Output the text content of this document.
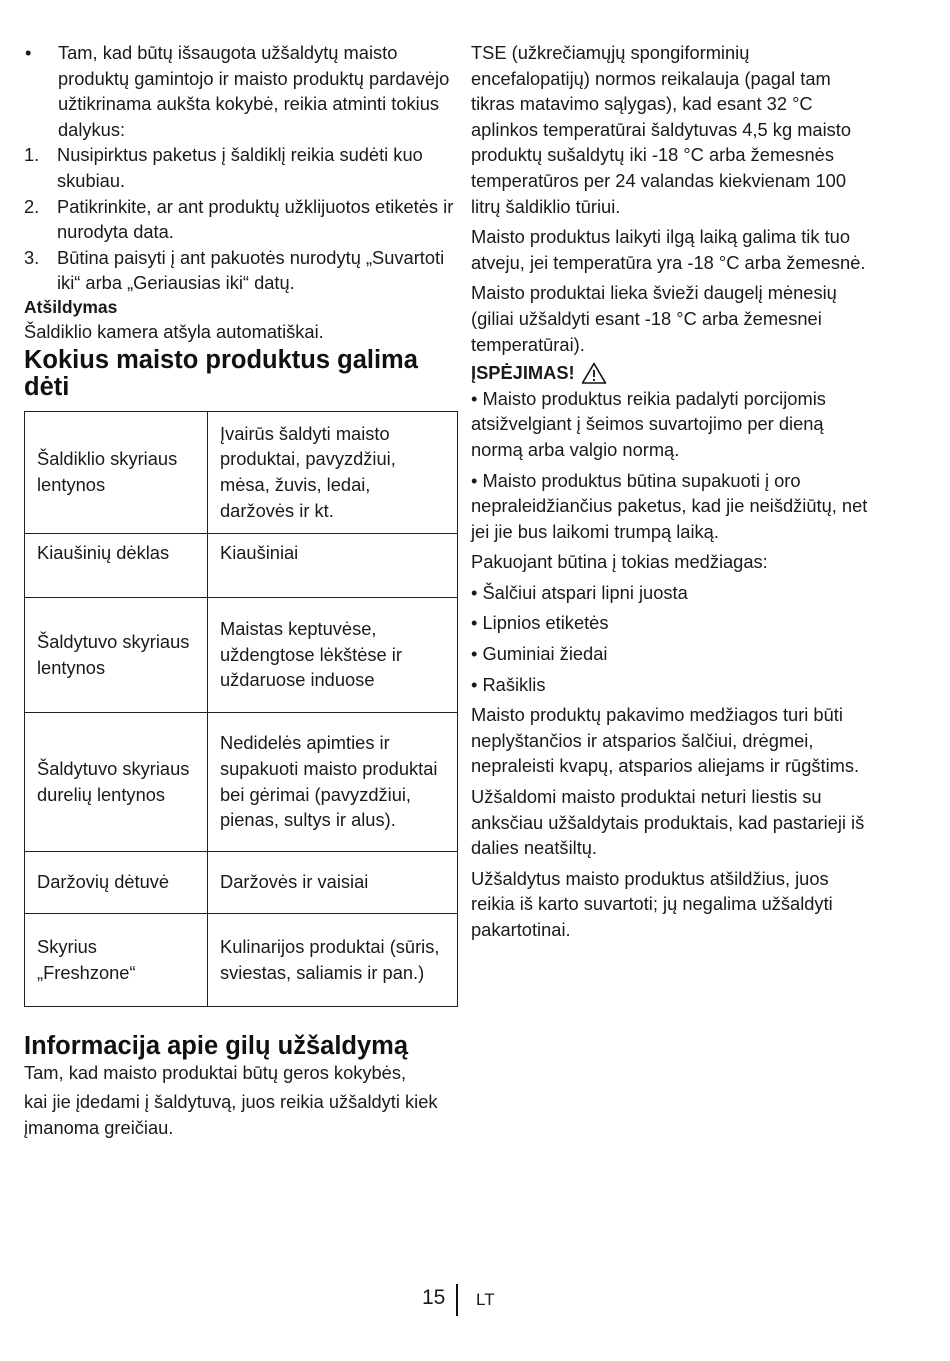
•	Tam, kad būtų išsaugota užšaldytų maisto produktų gamintojo ir maisto produktų pardavėjo užtikrinama aukšta kokybė, reikia atminti tokius dalykus:
1. Nusipirktus paketus į šaldiklį reikia sudėti kuo skubiau.
2. Patikrinkite, ar ant produktų užklijuotos etiketės ir nurodyta data.
3. Būtina paisyti į ant pakuotės nurodytų „Suvartoti iki“ arba „Geriausias iki“ datų.
Atšildymas

Šaldiklio kamera atšyla automatiškai.

Kokius maisto produktus galima dėti
Šaldiklio skyriaus lentynos	Įvairūs šaldyti maisto produktai, pavyzdžiui, mėsa, žuvis, ledai, daržovės ir kt.
Kiaušinių dėklas	Kiaušiniai
Šaldytuvo skyriaus lentynos	Maistas keptuvėse, uždengtose lėkštėse ir uždaruose induose
Šaldytuvo skyriaus durelių lentynos	Nedidelės apimties ir supakuoti maisto produktai bei gėrimai (pavyzdžiui, pienas, sultys ir alus).
Daržovių dėtuvė	Daržovės ir vaisiai
Skyrius „Freshzone“	Kulinarijos produktai (sūris, sviestas, saliamis ir pan.)
Informacija apie gilų užšaldymą

Tam, kad maisto produktai būtų geros kokybės,

kai jie įdedami į šaldytuvą, juos reikia užšaldyti kiek įmanoma greičiau.

TSE (užkrečiamųjų spongiforminių encefalopatijų) normos reikalauja (pagal tam tikras matavimo sąlygas), kad esant 32 °C aplinkos temperatūrai šaldytuvas 4,5 kg maisto produktų sušaldytų iki -18 °C arba žemesnės temperatūros per 24 valandas kiekvienam 100 litrų šaldiklio tūriui.

Maisto produktus laikyti ilgą laiką galima tik tuo atveju, jei temperatūra yra -18 °C arba žemesnė.

Maisto produktai lieka švieži daugelį mėnesių (giliai užšaldyti esant -18 °C arba žemesnei temperatūrai).

ĮSPĖJIMAS!

• Maisto produktus reikia padalyti porcijomis atsižvelgiant į šeimos suvartojimo per dieną normą arba valgio normą.

• Maisto produktus būtina supakuoti į oro nepraleidžiančius paketus, kad jie neišdžiūtų, net jei jie bus laikomi trumpą laiką.

Pakuojant būtina į tokias medžiagas:

• Šalčiui atspari lipni juosta

• Lipnios etiketės

• Guminiai žiedai

• Rašiklis

Maisto produktų pakavimo medžiagos turi būti neplyštančios ir atsparios šalčiui, drėgmei, nepraleisti kvapų, atsparios aliejams ir rūgštims.

Užšaldomi maisto produktai neturi liestis su anksčiau užšaldytais produktais, kad pastarieji iš dalies neatšiltų.

Užšaldytus maisto produktus atšildžius, juos reikia iš karto suvartoti; jų negalima užšaldyti pakartotinai.

15 LT
